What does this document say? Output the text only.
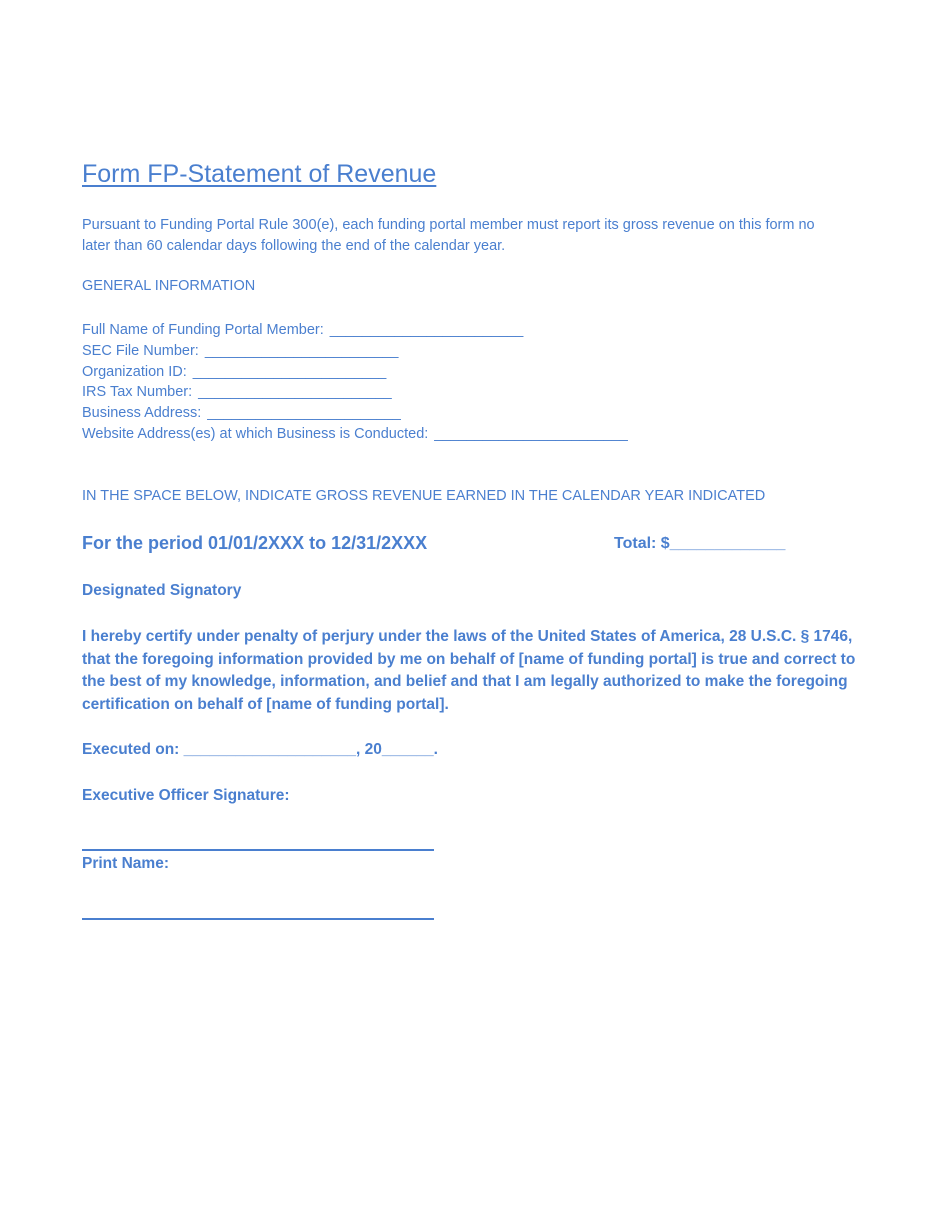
Form FP-Statement of Revenue

Pursuant to Funding Portal Rule 300(e), each funding portal member must report its gross revenue on this form no later than 60 calendar days following the end of the calendar year.

GENERAL INFORMATION

Full Name of Funding Portal Member: ________________________
SEC File Number: ________________________
Organization ID: ________________________
IRS Tax Number: ________________________
Business Address: ________________________
Website Address(es) at which Business is Conducted: ________________________

IN THE SPACE BELOW, INDICATE GROSS REVENUE EARNED IN THE CALENDAR YEAR INDICATED

For the period 01/01/2XXX to 12/31/2XXX	Total: $_____________

Designated Signatory

I hereby certify under penalty of perjury under the laws of the United States of America, 28 U.S.C. § 1746, that the foregoing information provided by me on behalf of [name of funding portal] is true and correct to the best of my knowledge, information, and belief and that I am legally authorized to make the foregoing certification on behalf of [name of funding portal].

Executed on: ____________________, 20______.
Executive Officer Signature:
Print Name:
